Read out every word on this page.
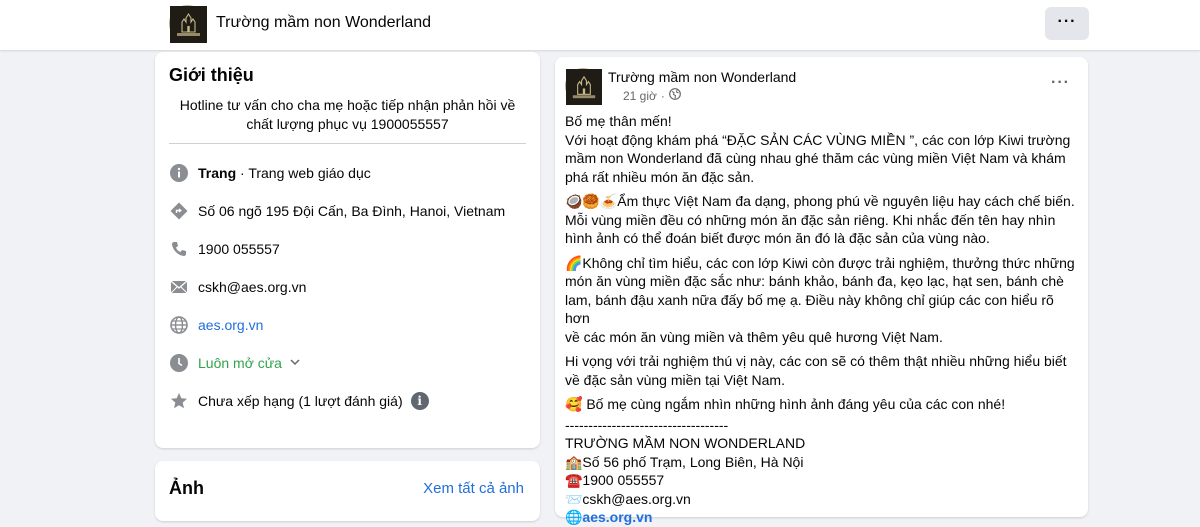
Trường mầm non Wonderland	···
Giới thiệu
Hotline tư vấn cho cha mẹ hoặc tiếp nhận phản hồi về
chất lượng phục vụ 1900055557
Trang · Trang web giáo dục
Số 06 ngõ 195 Đội Cấn, Ba Đình, Hanoi, Vietnam
1900 055557
cskh@aes.org.vn
aes.org.vn
Luôn mở cửa
Chưa xếp hạng (1 lượt đánh giá)	i
Ảnh	Xem tất cả ảnh
Trường mầm non Wonderland
21 giờ ·
···

Bố mẹ thân mến!
Với hoạt động khám phá “ĐẶC SẢN CÁC VÙNG MIỀN ”, các con lớp Kiwi trường
mầm non Wonderland đã cùng nhau ghé thăm các vùng miền Việt Nam và khám
phá rất nhiều món ăn đặc sản.

🥥🥮🍝Ẩm thực Việt Nam đa dạng, phong phú về nguyên liệu hay cách chế biến.
Mỗi vùng miền đều có những món ăn đặc sản riêng. Khi nhắc đến tên hay nhìn
hình ảnh có thể đoán biết được món ăn đó là đặc sản của vùng nào.

🌈Không chỉ tìm hiểu, các con lớp Kiwi còn được trải nghiệm, thưởng thức những
món ăn vùng miền đặc sắc như: bánh khảo, bánh đa, kẹo lạc, hạt sen, bánh chè
lam, bánh đậu xanh nữa đấy bố mẹ ạ. Điều này không chỉ giúp các con hiểu rõ hơn
về các món ăn vùng miền và thêm yêu quê hương Việt Nam.

Hi vọng với trải nghiệm thú vị này, các con sẽ có thêm thật nhiều những hiểu biết
về đặc sản vùng miền tại Việt Nam.

🥰 Bố mẹ cùng ngắm nhìn những hình ảnh đáng yêu của các con nhé!

-----------------------------------
TRƯỜNG MẦM NON WONDERLAND
🏫Số 56 phố Trạm, Long Biên, Hà Nội
☎️1900 055557
📨cskh@aes.org.vn
🌐aes.org.vn
